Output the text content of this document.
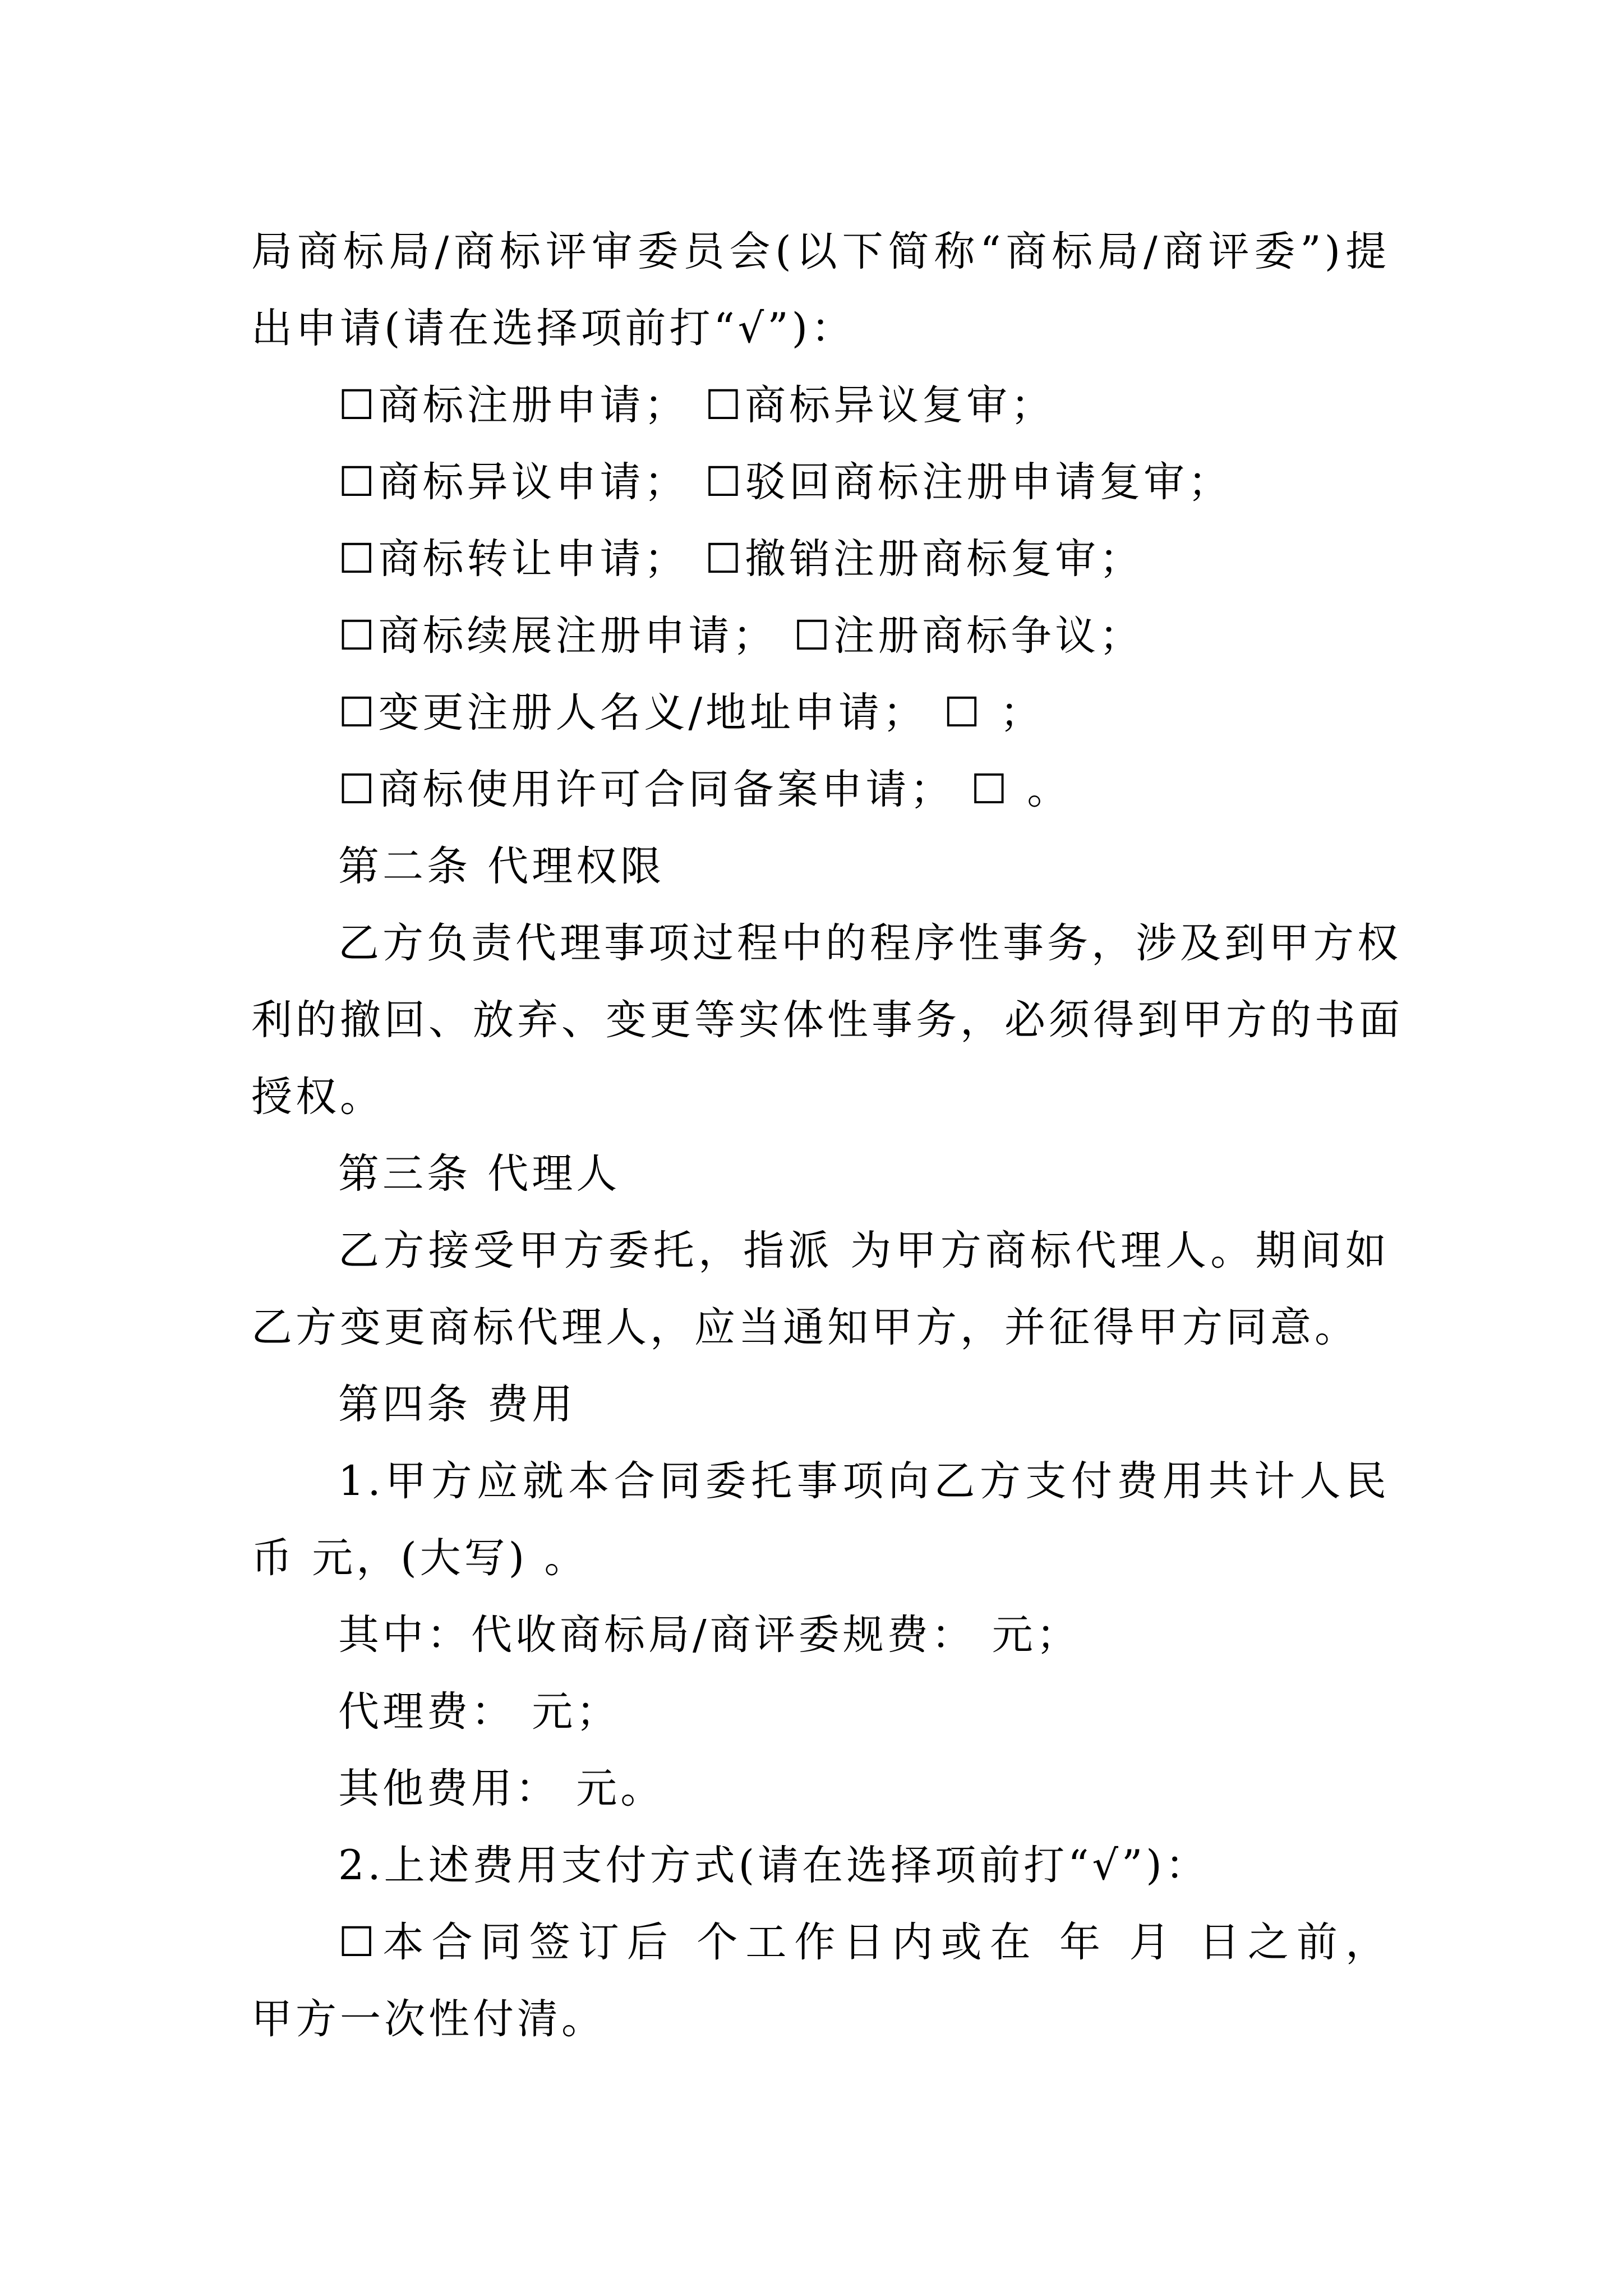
局商标局/商标评审委员会(以下简称“商标局/商评委”)提
出申请(请在选择项前打“√”)：
☐商标注册申请； ☐商标异议复审；
☐商标异议申请； ☐驳回商标注册申请复审；
☐商标转让申请； ☐撤销注册商标复审；
☐商标续展注册申请； ☐注册商标争议；
☐变更注册人名义/地址申请； ☐ ；
☐商标使用许可合同备案申请； ☐ 。
第二条 代理权限
乙方负责代理事项过程中的程序性事务，涉及到甲方权
利的撤回、放弃、变更等实体性事务，必须得到甲方的书面
授权。
第三条 代理人
乙方接受甲方委托，指派 为甲方商标代理人。期间如
乙方变更商标代理人，应当通知甲方，并征得甲方同意。
第四条 费用
1.甲方应就本合同委托事项向乙方支付费用共计人民
币 元，(大写) 。
其中：代收商标局/商评委规费： 元；
代理费： 元；
其他费用： 元。
2.上述费用支付方式(请在选择项前打“√”)：
☐本合同签订后 个工作日内或在 年 月 日之前，
甲方一次性付清。
